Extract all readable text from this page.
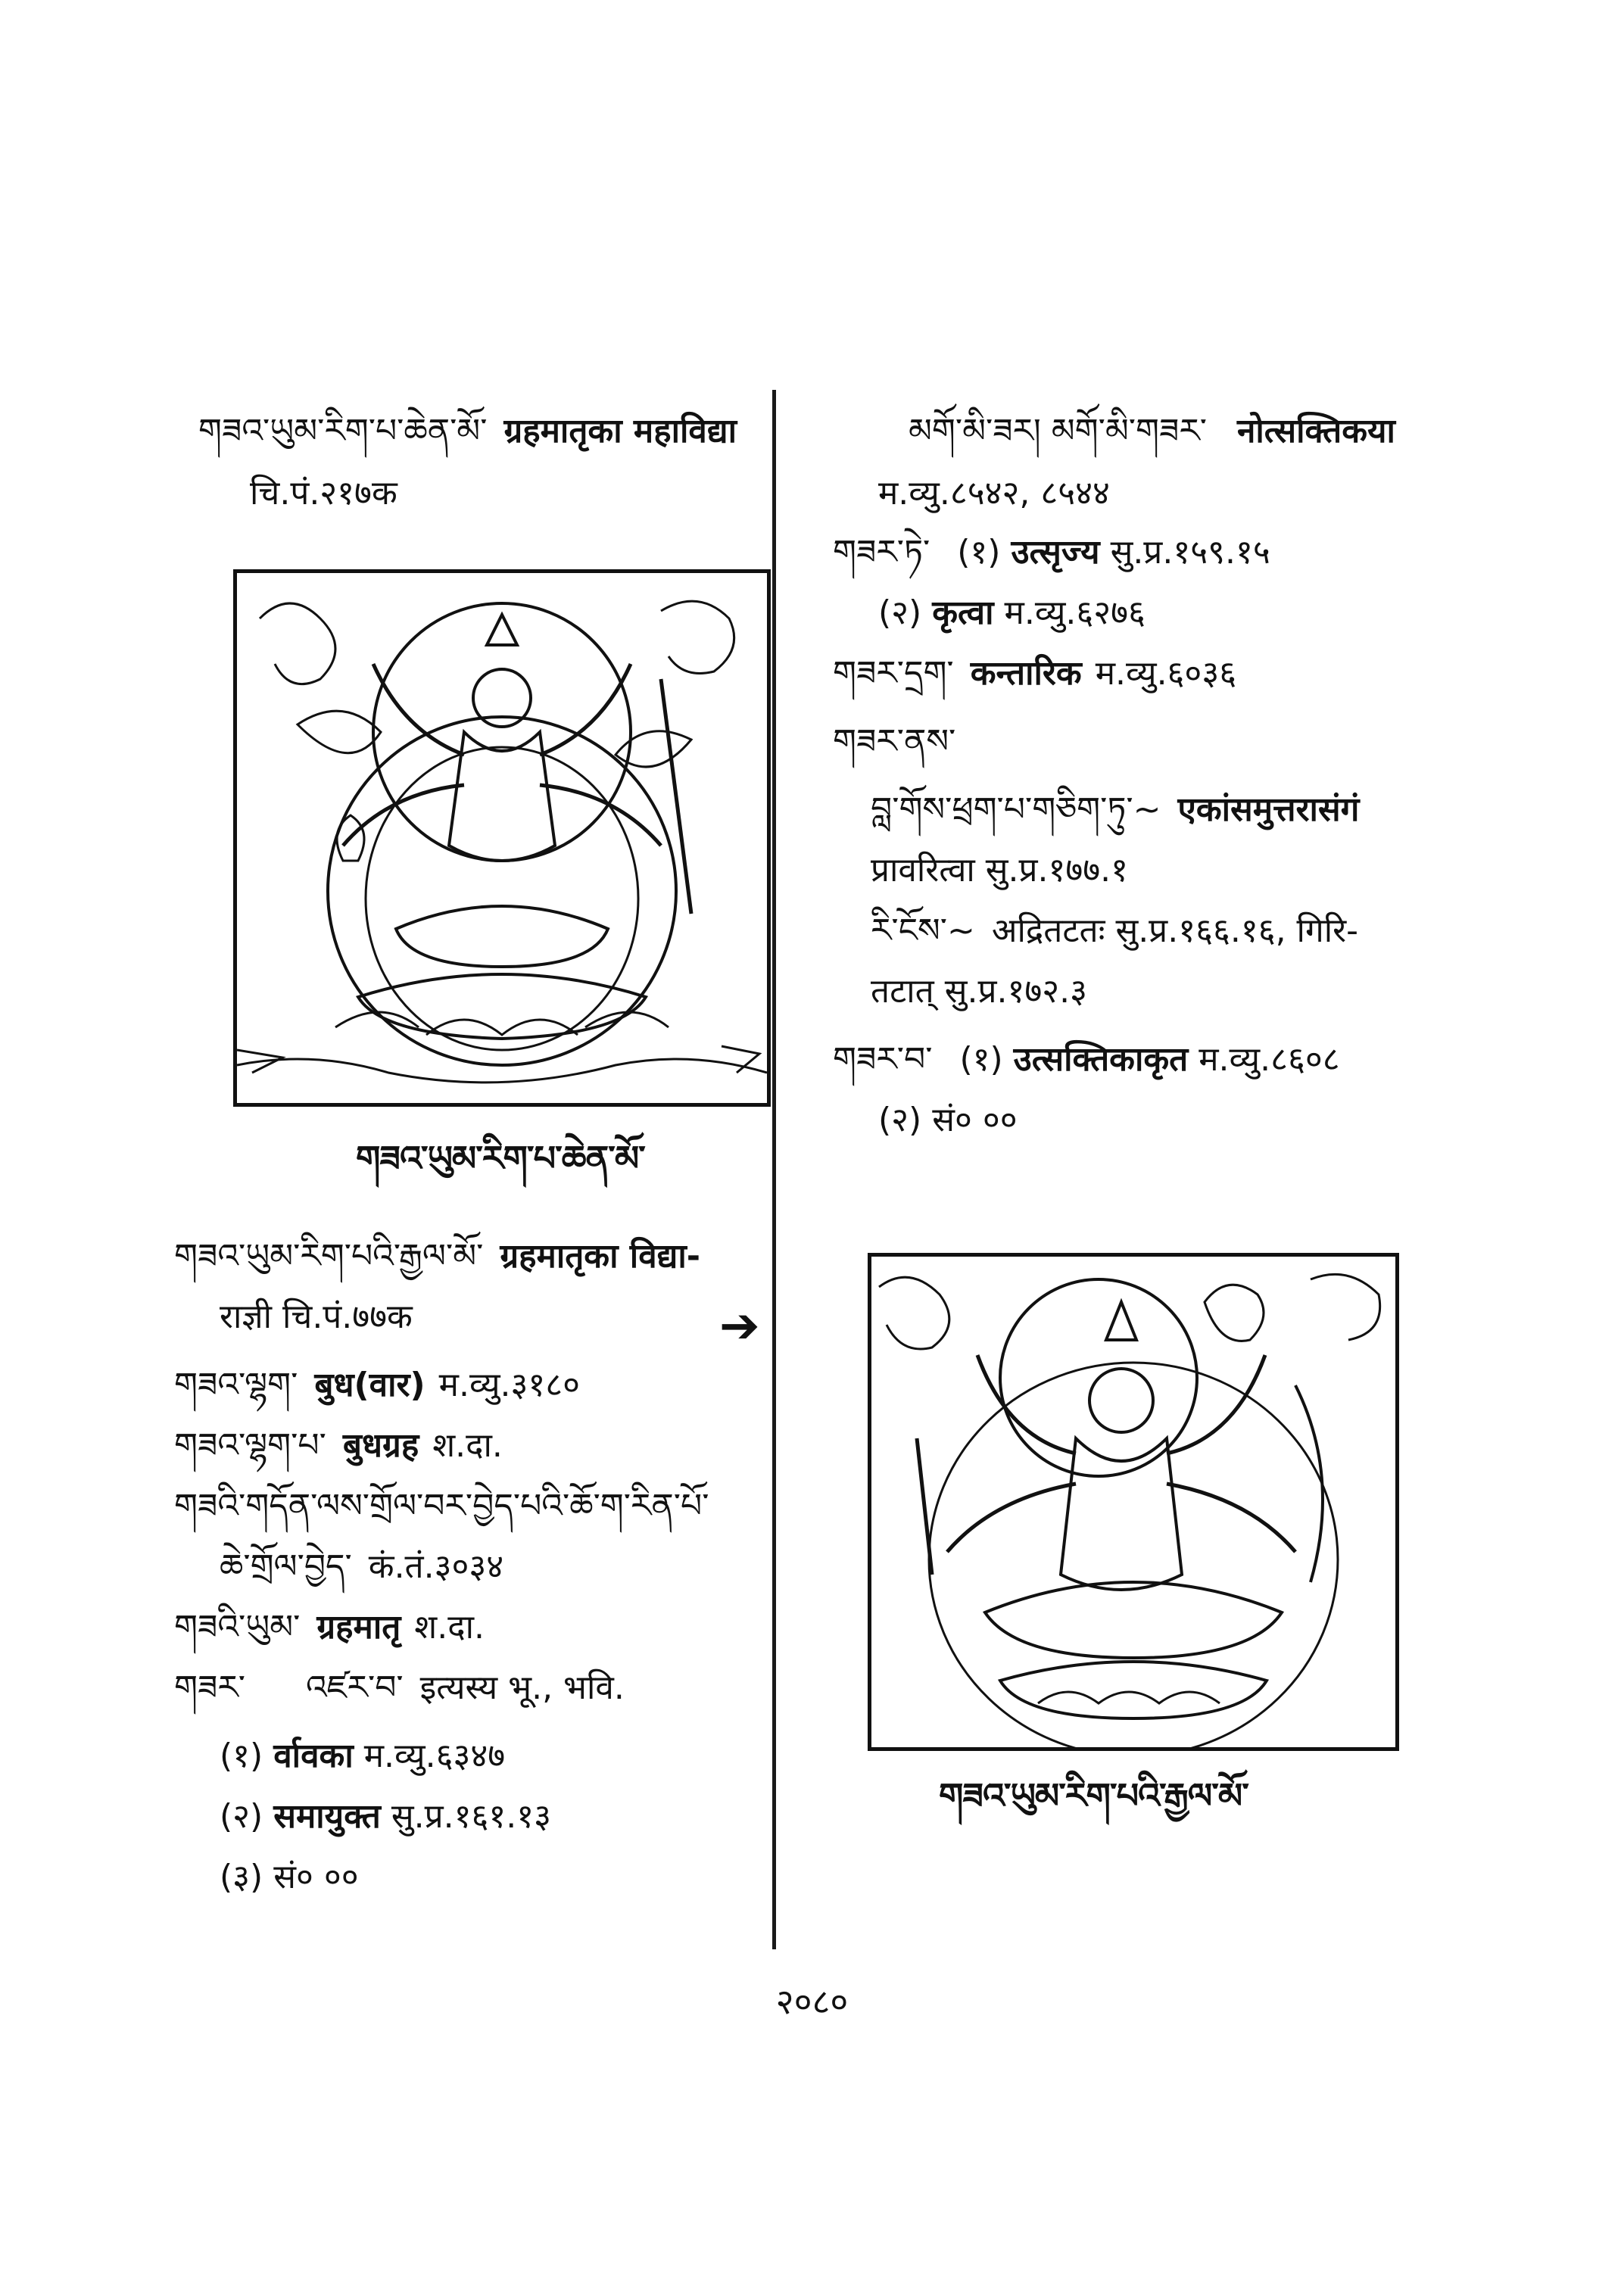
གཟའ་ཡུམ་རིག་པ་ཆེན་མོ་ ग्रहमातृका महाविद्या
चि.पं.२१७क
གཟའ་ཡུམ་རིག་པ་ཆེན་མོ་
གཟའ་ཡུམ་རིག་པའི་རྒྱལ་མོ་ ग्रहमातृका विद्या-
राज्ञी चि.पं.७७क	➔
གཟའ་ལྷག་ बुध(वार) म.व्यु.३१८०
གཟའ་ལྷག་པ་ बुधग्रह श.दा.
གཟའི་གདོན་ལས་གྲོལ་བར་བྱེད་པའི་ཆོ་ག་རིན་པོ་
ཆེ་གྲོལ་བྱེད་ कं.तं.३०३४
གཟའི་ཡུམ་ ग्रहमातृ श.दा.
གཟར་ འཛར་བ་ इत्यस्य भू., भवि.
(१) र्वावका म.व्यु.६३४७
(२) समायुक्त सु.प्र.१६१.१३
(३) सं० ००
མགོ་མི་ཟར། མགོ་མི་གཟར་ नोत्सक्तिकया
म.व्यु.८५४२, ८५४४
གཟར་ཏེ་ (१) उत्सृज्य सु.प्र.१५९.१५
(२) कृत्वा म.व्यु.६२७६
གཟར་དྲག་ कन्तारिक म.व्यु.६०३६
གཟར་ནས་
བླ་གོས་ཕྲག་པ་གཅིག་ཏུ་~ एकांसमुत्तरासंगं
प्रावरित्वा सु.प्र.१७७.१
རི་ངོས་~ अद्रितटतः सु.प्र.१६६.१६, गिरि-
तटात् सु.प्र.१७२.३
གཟར་བ་ (१) उत्सक्तिकाकृत म.व्यु.८६०८
(२) सं० ००
གཟའ་ཡུམ་རིག་པའི་རྒྱལ་མོ་
२०८०
